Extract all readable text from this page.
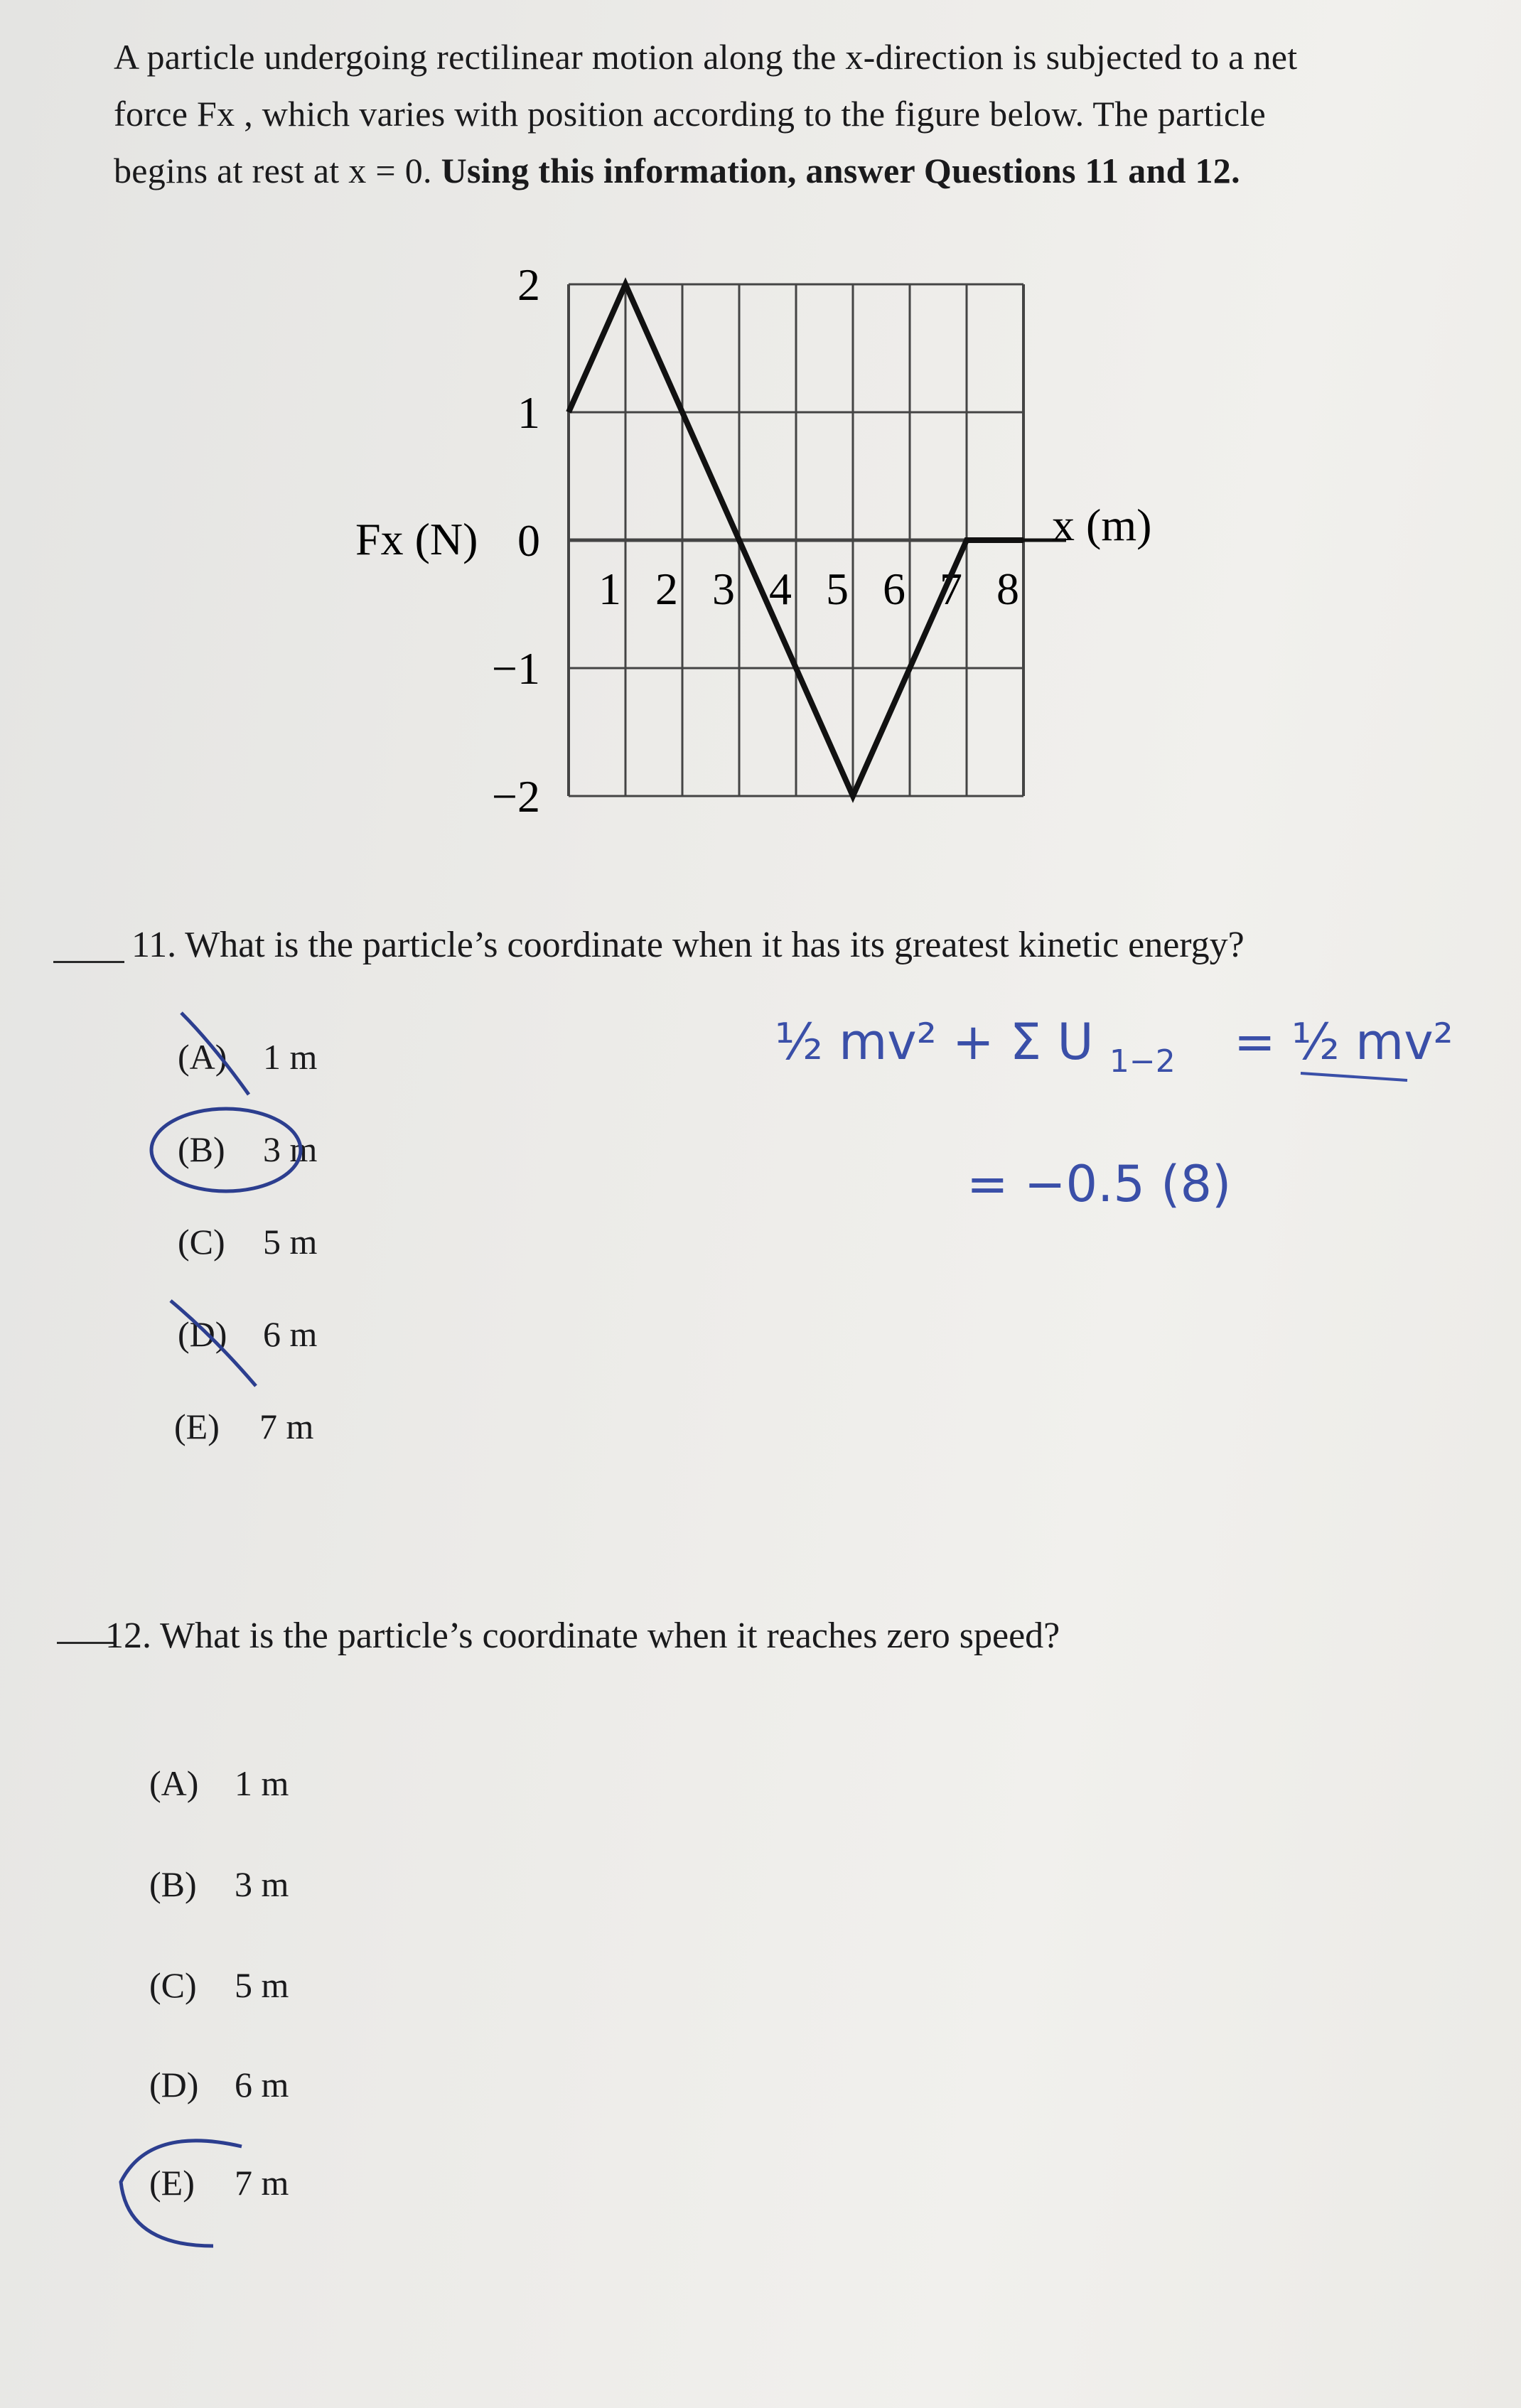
A particle undergoing rectilinear motion along the x-direction is subjected to a net
force Fx , which varies with position according to the figure below. The particle
begins at rest at x = 0. Using this information, answer Questions 11 and 12.
2
1
0
−1
−2
1 2 3 4 5 6 7 8
Fx (N)	x (m)
11. What is the particle’s coordinate when it has its greatest kinetic energy?
(A) 1 m
(B) 3 m
(C) 5 m
(D) 6 m
(E) 7 m
12. What is the particle’s coordinate when it reaches zero speed?
(A) 1 m
(B) 3 m
(C) 5 m
(D) 6 m
(E) 7 m
½ mv² + Σ U $_{1-2}$ = ½ mv²
= −0.5 (8)
